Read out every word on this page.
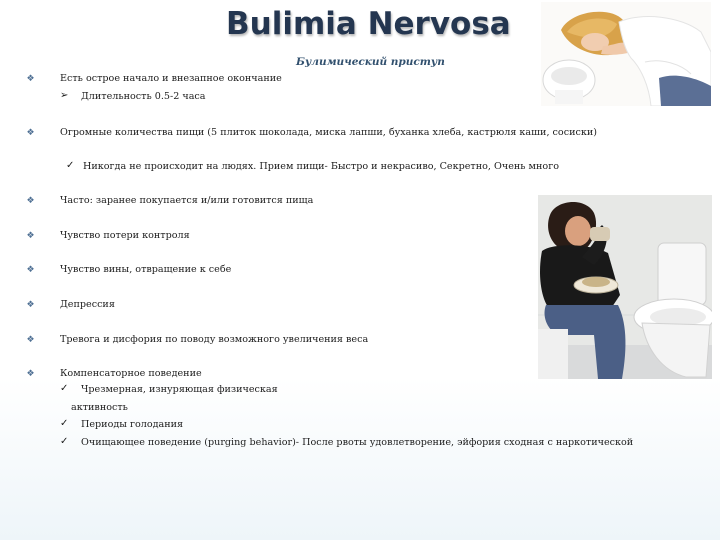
Bulimia Nervosa
Булимический приступ
❖	Есть острое начало и внезапное окончание
➢ Длительность 0.5-2 часа
❖	Огромные количества пищи (5 плиток шоколада, миска лапши, буханка хлеба, кастрюля каши, сосиски)
✓ Никогда не происходит на людях. Прием пищи- Быстро и некрасиво, Секретно, Очень много
❖	Часто: заранее покупается и/или готовится пища
❖	Чувство потери контроля
❖	Чувство вины, отвращение к себе
❖	Депрессия
❖	Тревога и дисфория по поводу возможного увеличения веса
❖	Компенсаторное поведение
✓ Чрезмерная, изнуряющая физическая
активность
✓ Периоды голодания
✓ Очищающее поведение (purging behavior)- После рвоты удовлетворение, эйфория сходная с наркотической
